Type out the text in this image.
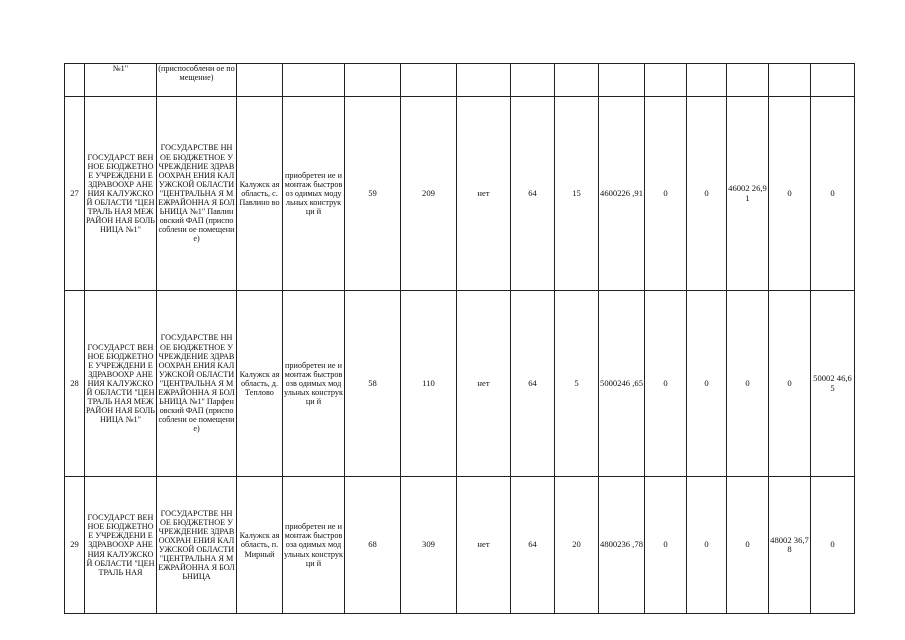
	№1"	(приспособлени ое помещение)													
27	ГОСУДАРСТ ВЕННОЕ БЮДЖЕТНО Е УЧРЕЖДЕНИ Е ЗДРАВООХР АНЕНИЯ КАЛУЖСКО Й ОБЛАСТИ "ЦЕНТРАЛЬ НАЯ МЕЖРАЙОН НАЯ БОЛЬНИЦА №1"	ГОСУДАРСТВЕ ННОЕ БЮДЖЕТНОЕ УЧРЕЖДЕНИЕ ЗДРАВООХРАН ЕНИЯ КАЛУЖСКОЙ ОБЛАСТИ "ЦЕНТРАЛЬНА Я МЕЖРАЙОННА Я БОЛЬНИЦА №1" Павлиновский ФАП (приспособлени ое помещение)	Калужск ая область, с. Павлино во	приобретен ие и монтаж быстровоз одимых модульных конструкци й	59	209	нет	64	15	4600226 ,91	0	0	46002 26,91	0	0
28	ГОСУДАРСТ ВЕННОЕ БЮДЖЕТНО Е УЧРЕЖДЕНИ Е ЗДРАВООХР АНЕНИЯ КАЛУЖСКО Й ОБЛАСТИ "ЦЕНТРАЛЬ НАЯ МЕЖРАЙОН НАЯ БОЛЬНИЦА №1"	ГОСУДАРСТВЕ ННОЕ БЮДЖЕТНОЕ УЧРЕЖДЕНИЕ ЗДРАВООХРАН ЕНИЯ КАЛУЖСКОЙ ОБЛАСТИ "ЦЕНТРАЛЬНА Я МЕЖРАЙОННА Я БОЛЬНИЦА №1" Парфеновский ФАП (приспособлени ое помещение)	Калужск ая область, д. Теплово	приобретен ие и монтаж быстровозв одимых модульных конструкци й	58	110	нет	64	5	5000246 ,65	0	0	0	0	50002 46,65
29	ГОСУДАРСТ ВЕННОЕ БЮДЖЕТНО Е УЧРЕЖДЕНИ Е ЗДРАВООХР АНЕНИЯ КАЛУЖСКО Й ОБЛАСТИ "ЦЕНТРАЛЬ НАЯ	ГОСУДАРСТВЕ ННОЕ БЮДЖЕТНОЕ УЧРЕЖДЕНИЕ ЗДРАВООХРАН ЕНИЯ КАЛУЖСКОЙ ОБЛАСТИ "ЦЕНТРАЛЬНА Я МЕЖРАЙОННА Я БОЛЬНИЦА	Калужск ая область, п. Мирный	приобретен ие и монтаж быстровоза одимых модульных конструкци й	68	309	нет	64	20	4800236 ,78	0	0	0	48002 36,78	0
